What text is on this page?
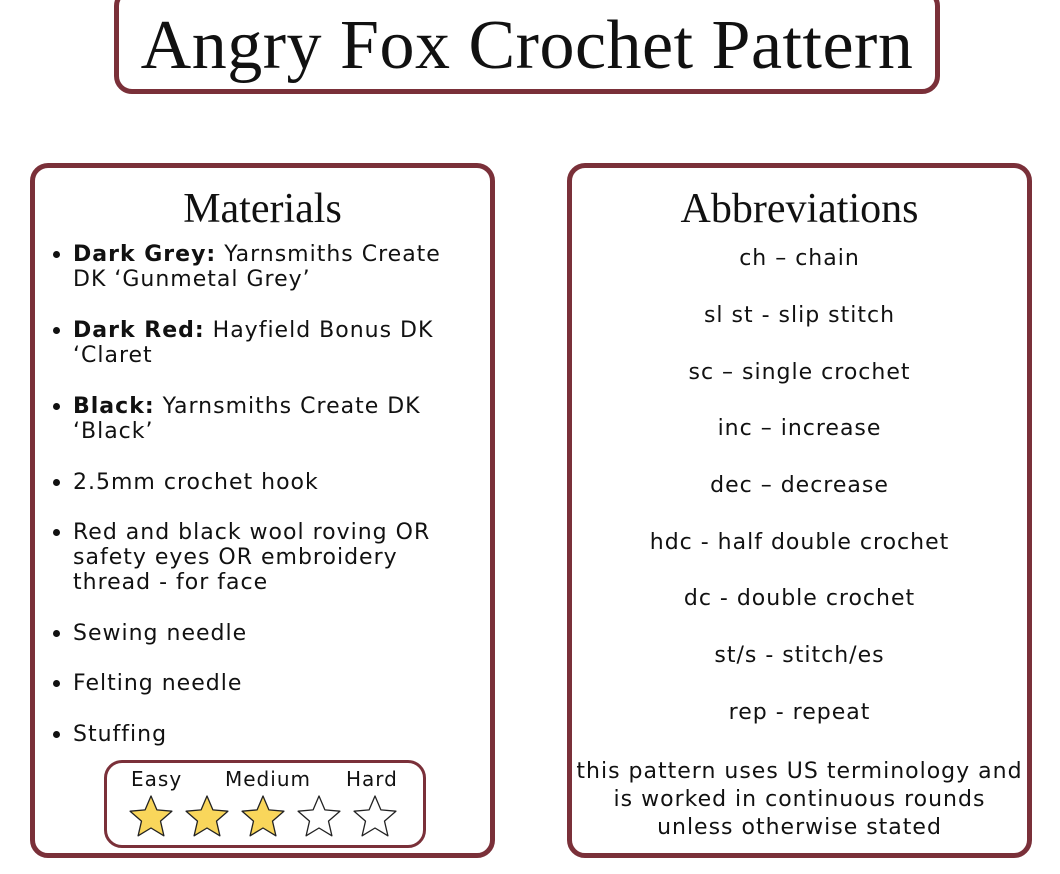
Angry Fox Crochet Pattern
Materials
Dark Grey: Yarnsmiths Create DK ‘Gunmetal Grey’
Dark Red: Hayfield Bonus DK ‘Claret
Black: Yarnsmiths Create DK ‘Black’
2.5mm crochet hook
Red and black wool roving OR safety eyes OR embroidery thread - for face
Sewing needle
Felting needle
Stuffing
Easy Medium Hard
Abbreviations
ch – chain
sl st - slip stitch
sc – single crochet
inc – increase
dec – decrease
hdc - half double crochet
dc - double crochet
st/s - stitch/es
rep - repeat
this pattern uses US terminology and is worked in continuous rounds unless otherwise stated
